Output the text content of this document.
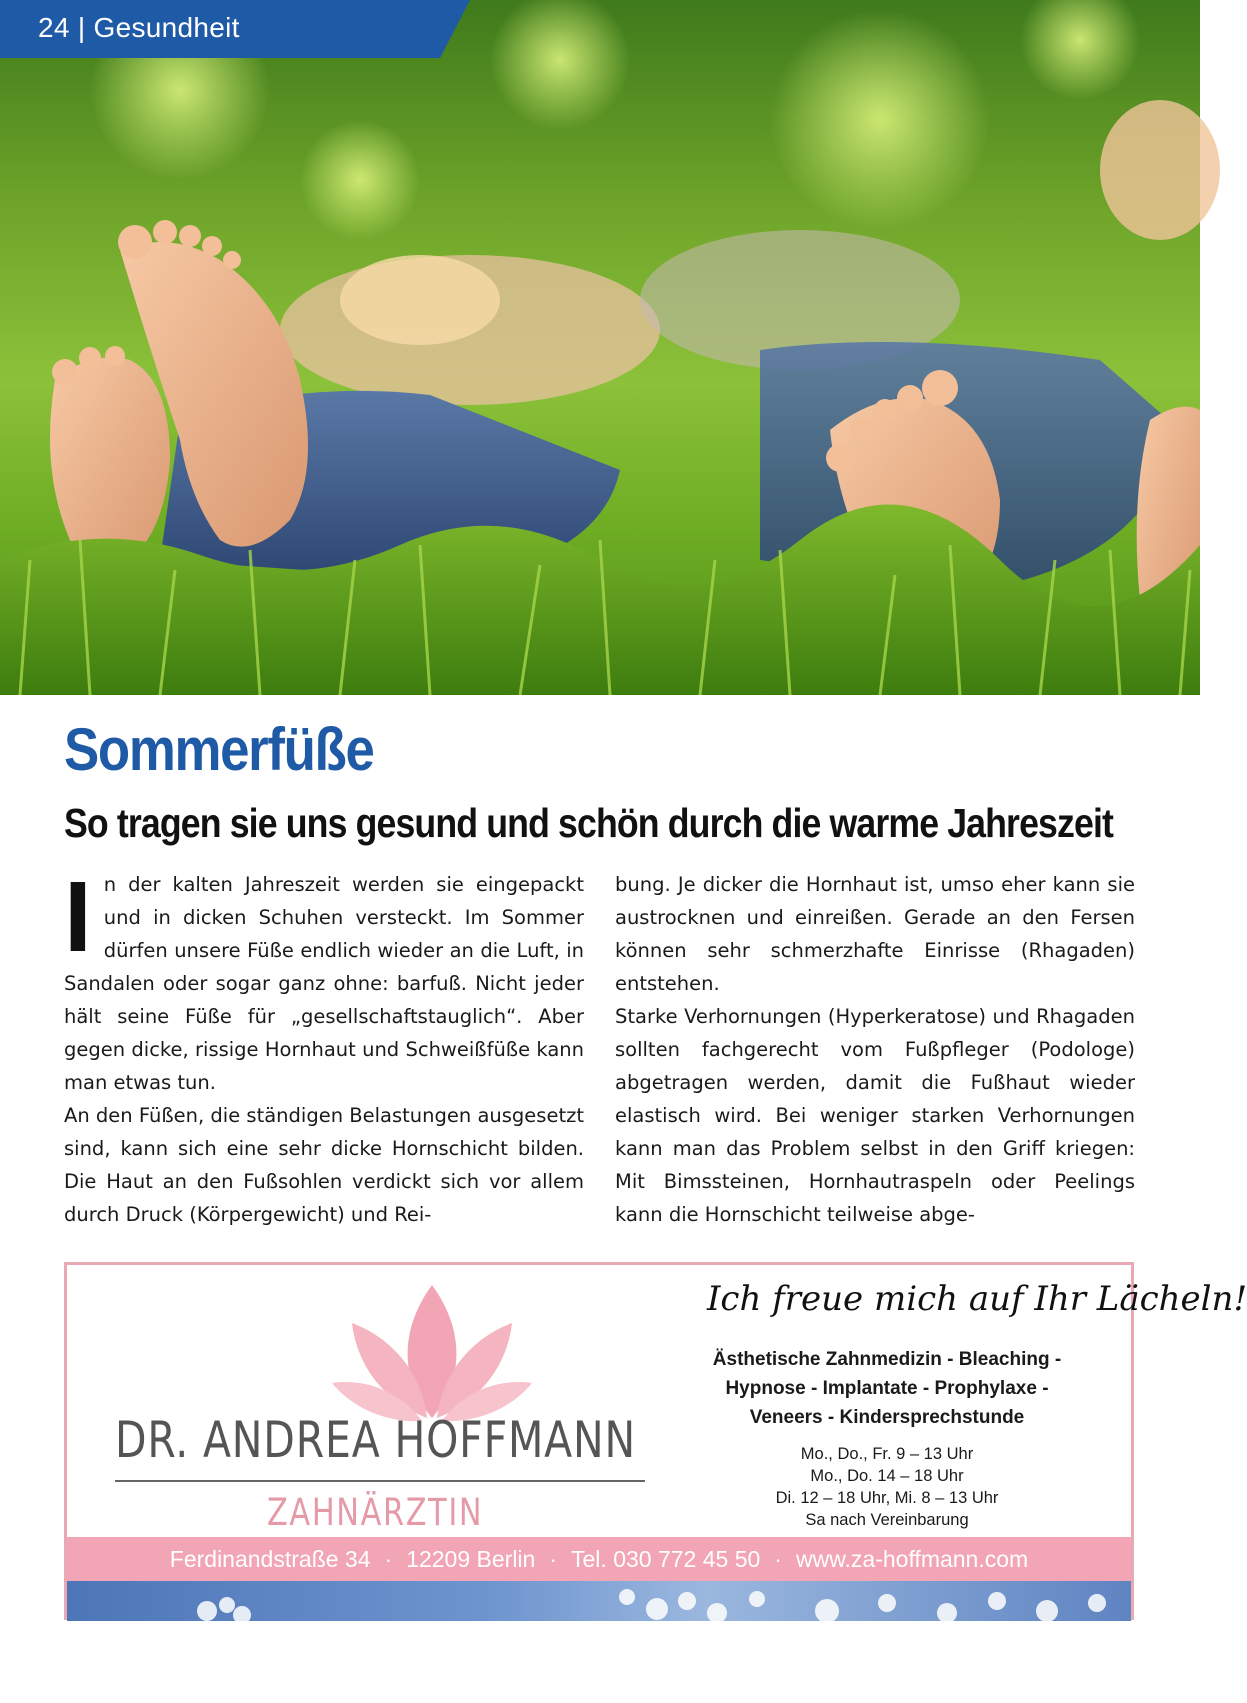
24 | Gesundheit
Sommerfüße
So tragen sie uns gesund und schön durch die warme Jahreszeit

In der kalten Jahreszeit werden sie eingepackt und in dicken Schuhen versteckt. Im Sommer dürfen unsere Füße endlich wieder an die Luft, in Sandalen oder sogar ganz ohne: barfuß. Nicht jeder hält seine Füße für „gesellschaftstauglich“. Aber gegen dicke, rissige Hornhaut und Schweißfüße kann man etwas tun.

An den Füßen, die ständigen Belastungen ausgesetzt sind, kann sich eine sehr dicke Hornschicht bilden. Die Haut an den Fußsohlen verdickt sich vor allem durch Druck (Körpergewicht) und Rei-

bung. Je dicker die Hornhaut ist, umso eher kann sie austrocknen und einreißen. Gerade an den Fersen können sehr schmerzhafte Einrisse (Rhagaden) entstehen.

Starke Verhornungen (Hyperkeratose) und Rhagaden sollten fachgerecht vom Fußpfleger (Podologe) abgetragen werden, damit die Fußhaut wieder elastisch wird. Bei weniger starken Verhornungen kann man das Problem selbst in den Griff kriegen: Mit Bimssteinen, Hornhautraspeln oder Peelings kann die Hornschicht teilweise abge-

DR. ANDREA HOFFMANN
ZAHNÄRZTIN
Ich freue mich auf Ihr Lächeln!
Ästhetische Zahnmedizin - Bleaching -
Hypnose - Implantate - Prophylaxe -
Veneers - Kindersprechstunde
Mo., Do., Fr. 9 – 13 Uhr
Mo., Do. 14 – 18 Uhr
Di. 12 – 18 Uhr, Mi. 8 – 13 Uhr
Sa nach Vereinbarung
Ferdinandstraße 34 · 12209 Berlin · Tel. 030 772 45 50 · www.za-hoffmann.com
